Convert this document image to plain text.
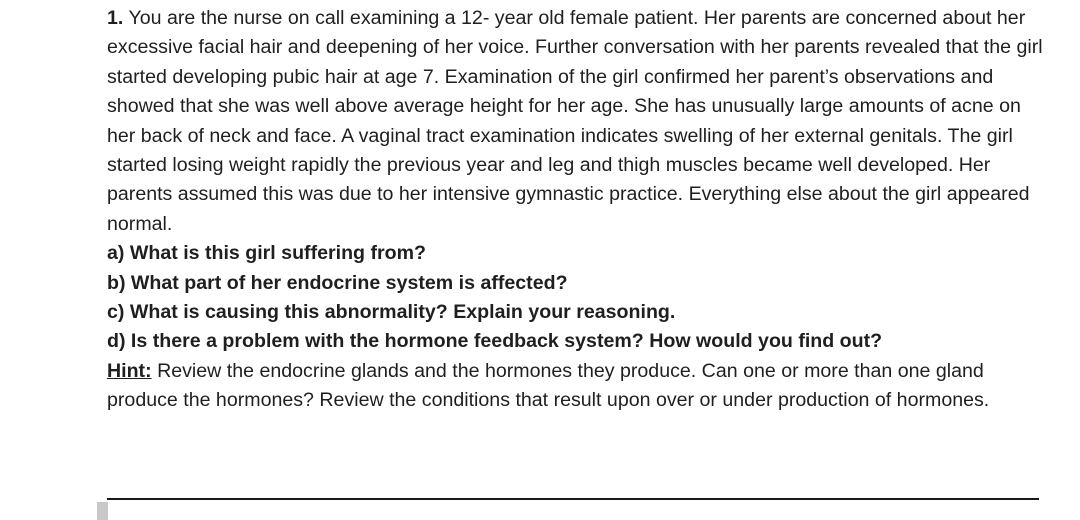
1. You are the nurse on call examining a 12- year old female patient. Her parents are concerned about her excessive facial hair and deepening of her voice. Further conversation with her parents revealed that the girl started developing pubic hair at age 7. Examination of the girl confirmed her parent’s observations and showed that she was well above average height for her age. She has unusually large amounts of acne on her back of neck and face. A vaginal tract examination indicates swelling of her external genitals. The girl started losing weight rapidly the previous year and leg and thigh muscles became well developed. Her parents assumed this was due to her intensive gymnastic practice. Everything else about the girl appeared normal.

a) What is this girl suffering from?

b) What part of her endocrine system is affected?

c) What is causing this abnormality? Explain your reasoning.

d) Is there a problem with the hormone feedback system? How would you find out?

Hint: Review the endocrine glands and the hormones they produce. Can one or more than one gland produce the hormones? Review the conditions that result upon over or under production of hormones.
